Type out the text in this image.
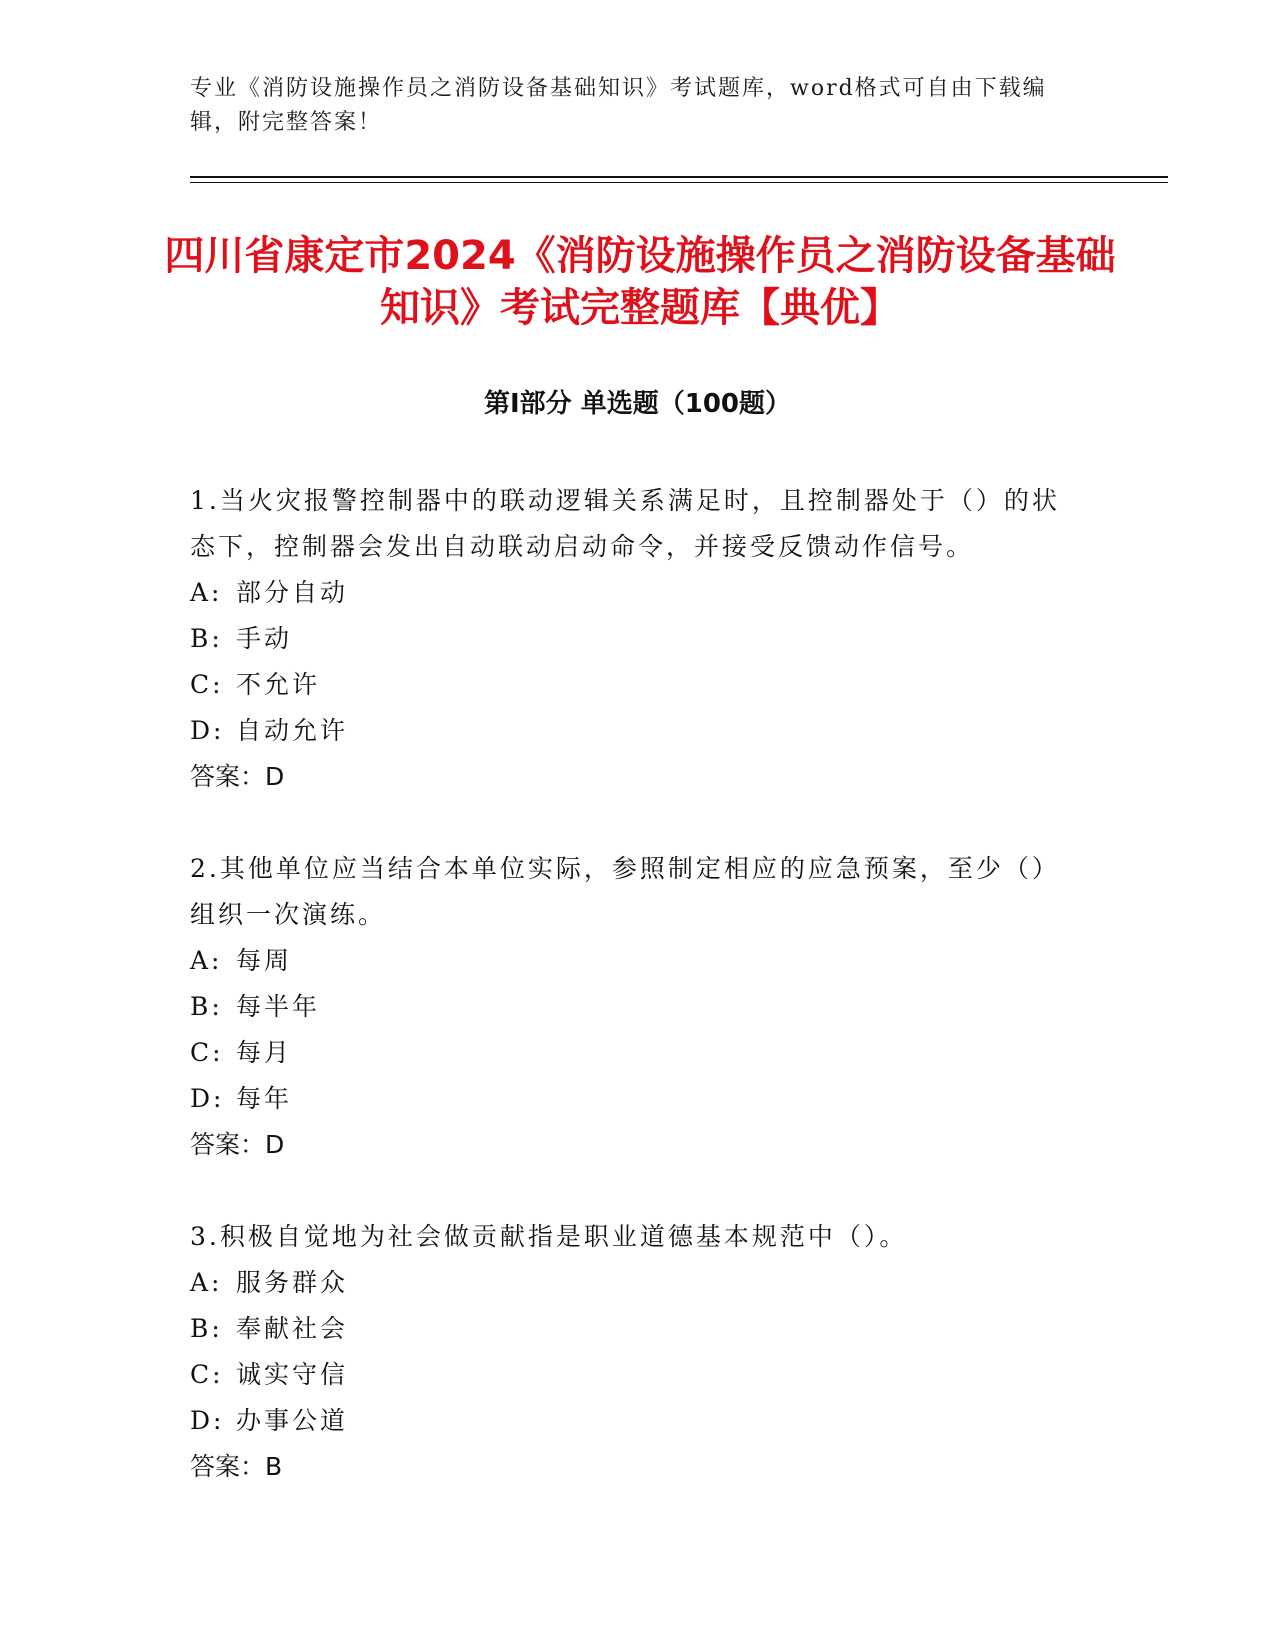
专业《消防设施操作员之消防设备基础知识》考试题库，word格式可自由下载编辑，附完整答案！
四川省康定市2024《消防设施操作员之消防设备基础知识》考试完整题库【典优】
第I部分 单选题（100题）

1.当火灾报警控制器中的联动逻辑关系满足时，且控制器处于（）的状态下，控制器会发出自动联动启动命令，并接受反馈动作信号。

A: 部分自动

B: 手动

C: 不允许

D: 自动允许

答案：D

2.其他单位应当结合本单位实际，参照制定相应的应急预案，至少（）组织一次演练。

A: 每周

B: 每半年

C: 每月

D: 每年

答案：D

3.积极自觉地为社会做贡献指是职业道德基本规范中（）。

A: 服务群众

B: 奉献社会

C: 诚实守信

D: 办事公道

答案：B
